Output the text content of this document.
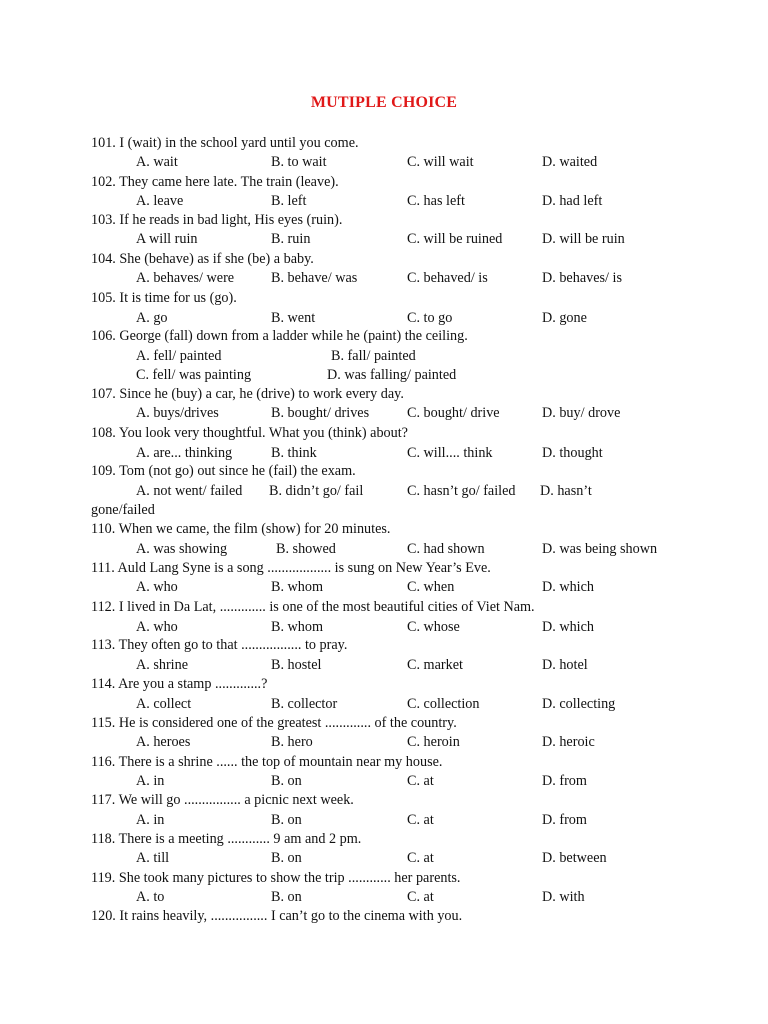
MUTIPLE CHOICE
101. I (wait) in the school yard until you come.
A. wait	B. to wait	C. will wait	D. waited
102. They came here late. The train (leave).
A. leave	B. left	C. has left	D. had left
103. If he reads in bad light, His eyes (ruin).
A will ruin	B. ruin	C. will be ruined	D. will be ruin
104. She (behave) as if she (be) a baby.
A. behaves/ were	B. behave/ was	C. behaved/ is	D. behaves/ is
105. It is time for us (go).
A. go	B. went	C. to go	D. gone
106. George (fall) down from a ladder while he (paint) the ceiling.
A. fell/ painted	B. fall/ painted
C. fell/ was painting	D. was falling/ painted
107. Since he (buy) a car, he (drive) to work every day.
A. buys/drives	B. bought/ drives	C. bought/ drive	D. buy/ drove
108. You look very thoughtful. What you (think) about?
A. are... thinking	B. think	C. will.... think	D. thought
109. Tom (not go) out since he (fail) the exam.
A. not went/ failed B. didn’t go/ fail	C. hasn’t go/ failed D. hasn’t
gone/failed
110. When we came, the film (show) for 20 minutes.
A. was showing	B. showed	C. had shown	D. was being shown
111. Auld Lang Syne is a song .................. is sung on New Year’s Eve.
A. who	B. whom	C. when	D. which
112. I lived in Da Lat, ............. is one of the most beautiful cities of Viet Nam.
A. who	B. whom	C. whose	D. which
113. They often go to that ................. to pray.
A. shrine	B. hostel	C. market	D. hotel
114. Are you a stamp .............?
A. collect	B. collector	C. collection	D. collecting
115. He is considered one of the greatest ............. of the country.
A. heroes	B. hero	C. heroin	D. heroic
116. There is a shrine ...... the top of mountain near my house.
A. in	B. on	C. at	D. from
117. We will go ................ a picnic next week.
A. in	B. on	C. at	D. from
118. There is a meeting ............ 9 am and 2 pm.
A. till	B. on	C. at	D. between
119. She took many pictures to show the trip ............ her parents.
A. to	B. on	C. at	D. with
120. It rains heavily, ................ I can’t go to the cinema with you.
